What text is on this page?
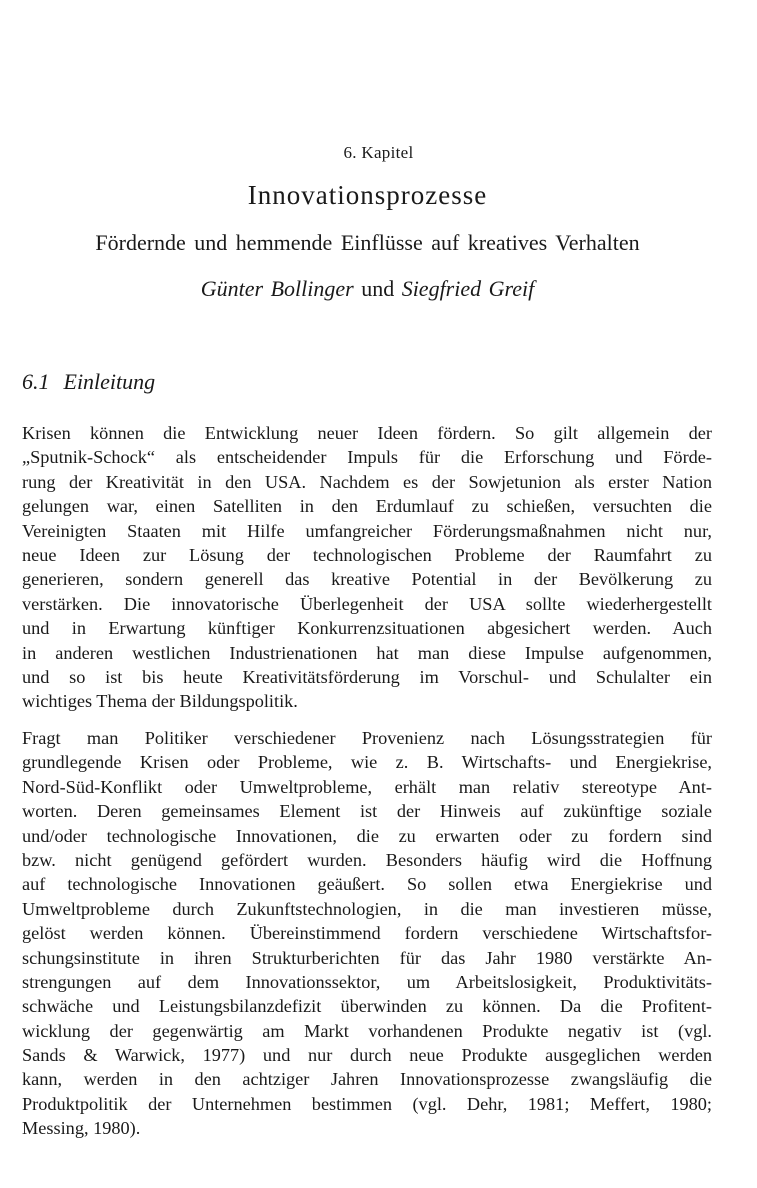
6. Kapitel
Innovationsprozesse
Fördernde und hemmende Einflüsse auf kreatives Verhalten
Günter Bollinger und Siegfried Greif
6.1 Einleitung
Krisen können die Entwicklung neuer Ideen fördern. So gilt allgemein der
„Sputnik-Schock“ als entscheidender Impuls für die Erforschung und Förde-
rung der Kreativität in den USA. Nachdem es der Sowjetunion als erster Nation
gelungen war, einen Satelliten in den Erdumlauf zu schießen, versuchten die
Vereinigten Staaten mit Hilfe umfangreicher Förderungsmaßnahmen nicht nur,
neue Ideen zur Lösung der technologischen Probleme der Raumfahrt zu
generieren, sondern generell das kreative Potential in der Bevölkerung zu
verstärken. Die innovatorische Überlegenheit der USA sollte wiederhergestellt
und in Erwartung künftiger Konkurrenzsituationen abgesichert werden. Auch
in anderen westlichen Industrienationen hat man diese Impulse aufgenommen,
und so ist bis heute Kreativitätsförderung im Vorschul- und Schulalter ein
wichtiges Thema der Bildungspolitik.
Fragt man Politiker verschiedener Provenienz nach Lösungsstrategien für
grundlegende Krisen oder Probleme, wie z. B. Wirtschafts- und Energiekrise,
Nord-Süd-Konflikt oder Umweltprobleme, erhält man relativ stereotype Ant-
worten. Deren gemeinsames Element ist der Hinweis auf zukünftige soziale
und/oder technologische Innovationen, die zu erwarten oder zu fordern sind
bzw. nicht genügend gefördert wurden. Besonders häufig wird die Hoffnung
auf technologische Innovationen geäußert. So sollen etwa Energiekrise und
Umweltprobleme durch Zukunftstechnologien, in die man investieren müsse,
gelöst werden können. Übereinstimmend fordern verschiedene Wirtschaftsfor-
schungsinstitute in ihren Strukturberichten für das Jahr 1980 verstärkte An-
strengungen auf dem Innovationssektor, um Arbeitslosigkeit, Produktivitäts-
schwäche und Leistungsbilanzdefizit überwinden zu können. Da die Profitent-
wicklung der gegenwärtig am Markt vorhandenen Produkte negativ ist (vgl.
Sands & Warwick, 1977) und nur durch neue Produkte ausgeglichen werden
kann, werden in den achtziger Jahren Innovationsprozesse zwangsläufig die
Produktpolitik der Unternehmen bestimmen (vgl. Dehr, 1981; Meffert, 1980;
Messing, 1980).
